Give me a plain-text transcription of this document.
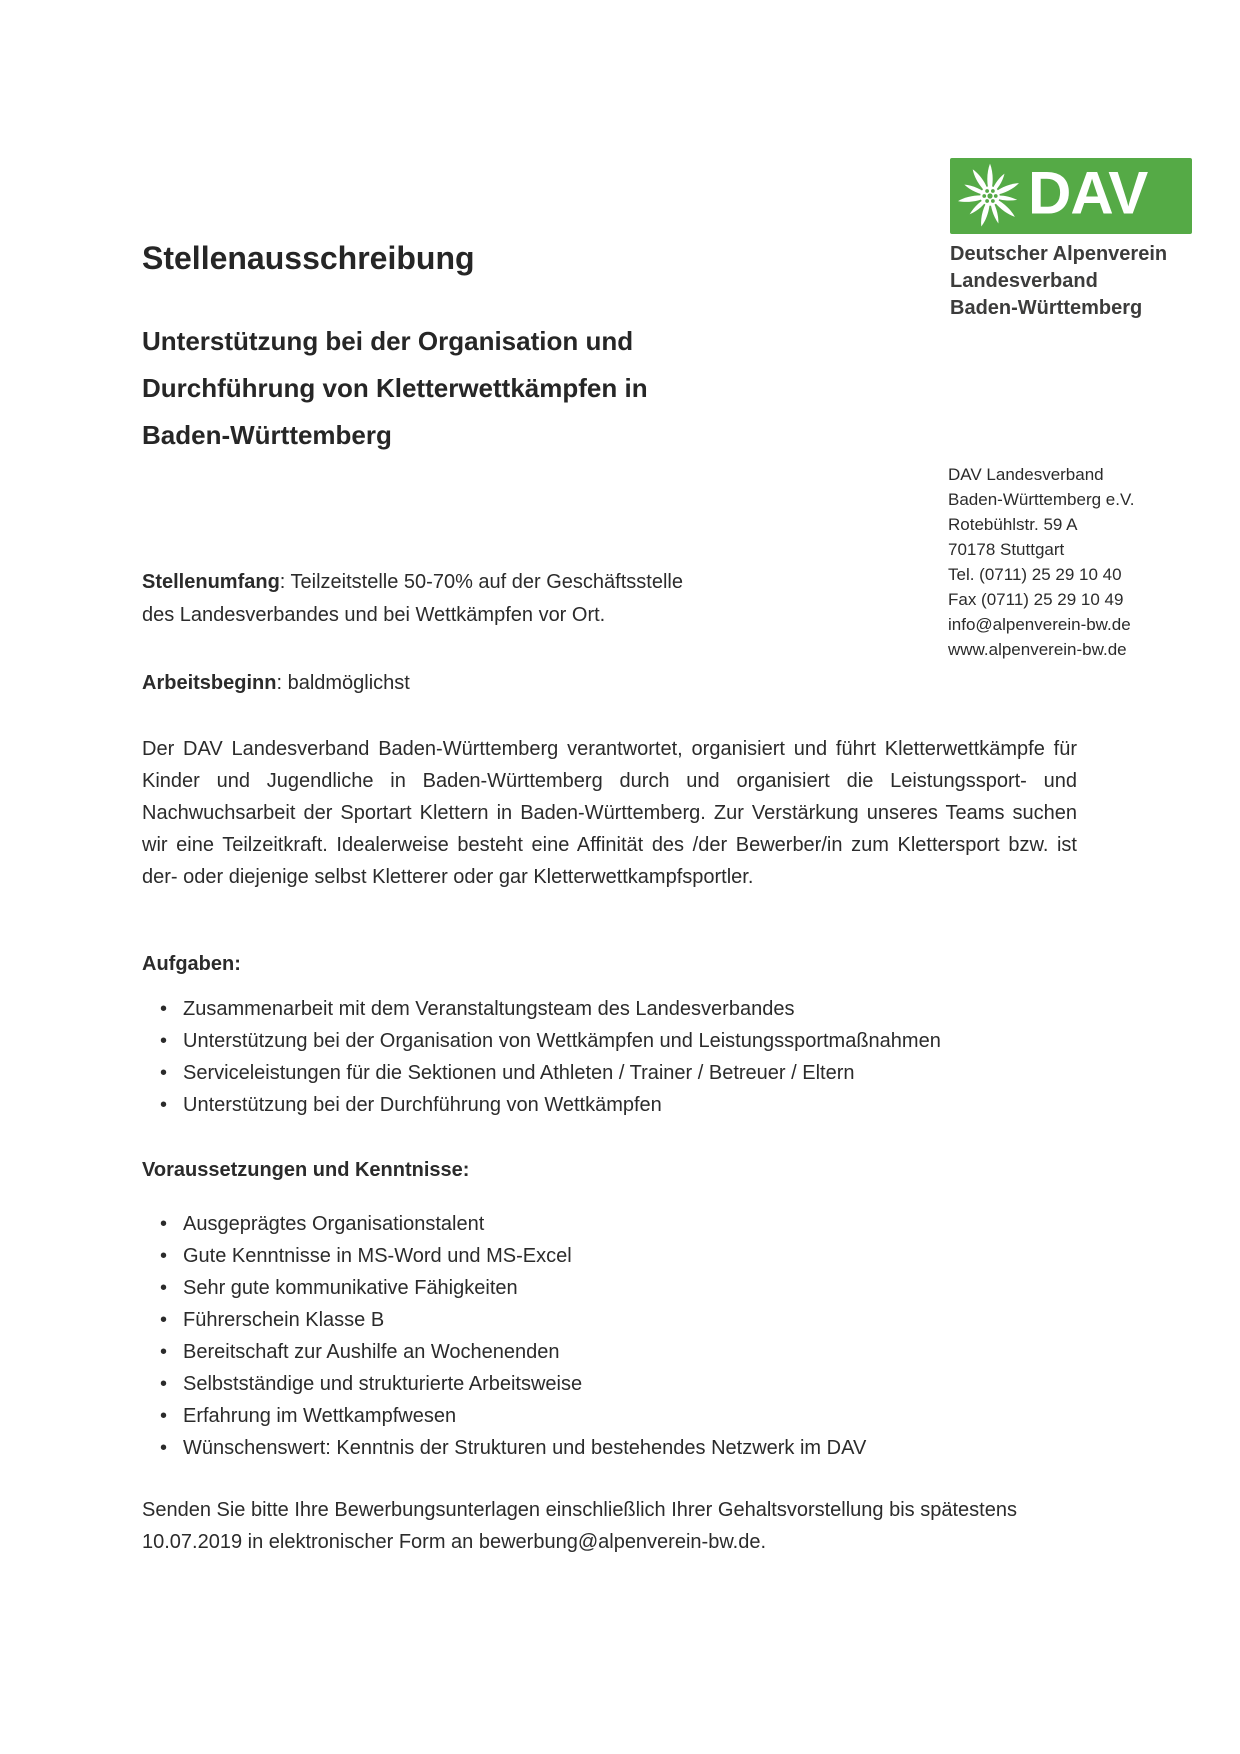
DAV
Deutscher Alpenverein
Landesverband
Baden-Württemberg
Stellenausschreibung
Unterstützung bei der Organisation und
Durchführung von Kletterwettkämpfen in
Baden-Württemberg
DAV Landesverband
Baden-Württemberg e.V.
Rotebühlstr. 59 A
70178 Stuttgart
Tel. (0711) 25 29 10 40
Fax (0711) 25 29 10 49
info@alpenverein-bw.de
www.alpenverein-bw.de
Stellenumfang: Teilzeitstelle 50-70% auf der Geschäftsstelle des Landesverbandes und bei Wettkämpfen vor Ort.
Arbeitsbeginn: baldmöglichst
Der DAV Landesverband Baden-Württemberg verantwortet, organisiert und führt Kletterwettkämpfe für Kinder und Jugendliche in Baden-Württemberg durch und organisiert die Leistungssport- und Nachwuchsarbeit der Sportart Klettern in Baden-Württemberg. Zur Verstärkung unseres Teams suchen wir eine Teilzeitkraft. Idealerweise besteht eine Affinität des /der Bewerber/in zum Klettersport bzw. ist der- oder diejenige selbst Kletterer oder gar Kletterwettkampfsportler.
Aufgaben:
•
Zusammenarbeit mit dem Veranstaltungsteam des Landesverbandes
•
Unterstützung bei der Organisation von Wettkämpfen und Leistungssportmaßnahmen
•
Serviceleistungen für die Sektionen und Athleten / Trainer / Betreuer / Eltern
•
Unterstützung bei der Durchführung von Wettkämpfen
Voraussetzungen und Kenntnisse:
•
Ausgeprägtes Organisationstalent
•
Gute Kenntnisse in MS-Word und MS-Excel
•
Sehr gute kommunikative Fähigkeiten
•
Führerschein Klasse B
•
Bereitschaft zur Aushilfe an Wochenenden
•
Selbstständige und strukturierte Arbeitsweise
•
Erfahrung im Wettkampfwesen
•
Wünschenswert: Kenntnis der Strukturen und bestehendes Netzwerk im DAV
Senden Sie bitte Ihre Bewerbungsunterlagen einschließlich Ihrer Gehaltsvorstellung bis spätestens 10.07.2019 in elektronischer Form an bewerbung@alpenverein-bw.de.
